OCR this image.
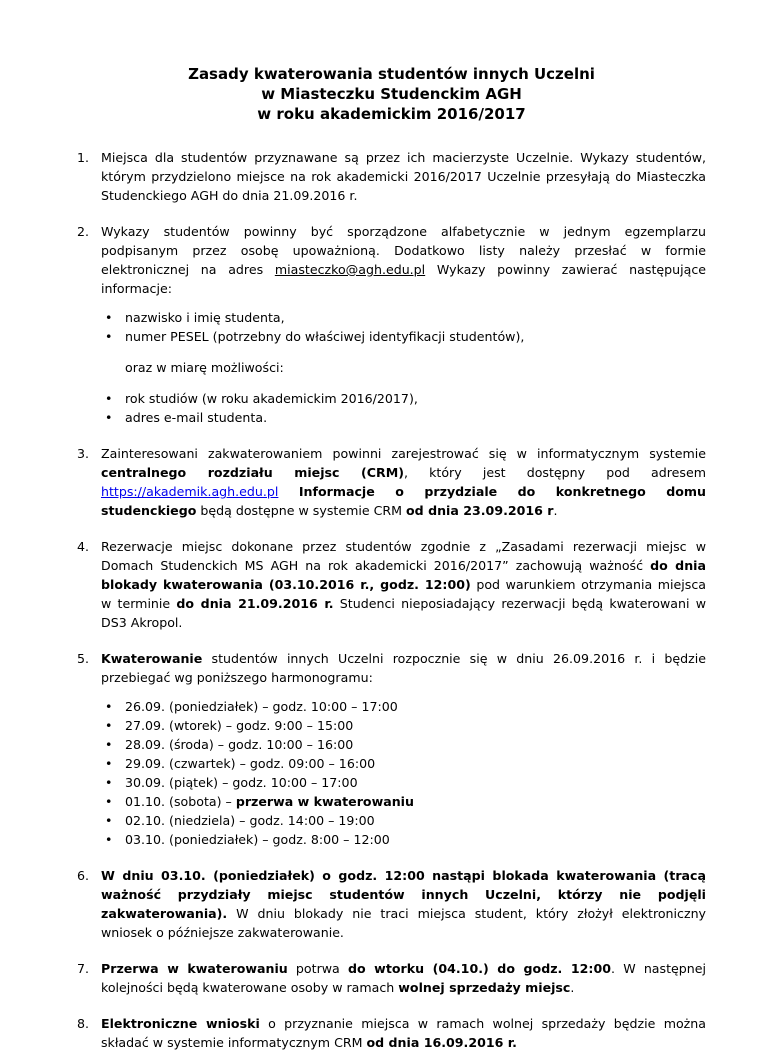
Zasady kwaterowania studentów innych Uczelni
w Miasteczku Studenckim AGH
w roku akademickim 2016/2017
1. Miejsca dla studentów przyznawane są przez ich macierzyste Uczelnie. Wykazy studentów, którym przydzielono miejsce na rok akademicki 2016/2017 Uczelnie przesyłają do Miasteczka Studenckiego AGH do dnia 21.09.2016 r.
2. Wykazy studentów powinny być sporządzone alfabetycznie w jednym egzemplarzu podpisanym przez osobę upoważnioną. Dodatkowo listy należy przesłać w formie elektronicznej na adres miasteczko@agh.edu.pl Wykazy powinny zawierać następujące informacje:
• nazwisko i imię studenta,
• numer PESEL (potrzebny do właściwej identyfikacji studentów),
oraz w miarę możliwości:
• rok studiów (w roku akademickim 2016/2017),
• adres e-mail studenta.
3. Zainteresowani zakwaterowaniem powinni zarejestrować się w informatycznym systemie centralnego rozdziału miejsc (CRM), który jest dostępny pod adresem https://akademik.agh.edu.pl Informacje o przydziale do konkretnego domu studenckiego będą dostępne w systemie CRM od dnia 23.09.2016 r.
4. Rezerwacje miejsc dokonane przez studentów zgodnie z „Zasadami rezerwacji miejsc w Domach Studenckich MS AGH na rok akademicki 2016/2017” zachowują ważność do dnia blokady kwaterowania (03.10.2016 r., godz. 12:00) pod warunkiem otrzymania miejsca w terminie do dnia 21.09.2016 r. Studenci nieposiadający rezerwacji będą kwaterowani w DS3 Akropol.
5. Kwaterowanie studentów innych Uczelni rozpocznie się w dniu 26.09.2016 r. i będzie przebiegać wg poniższego harmonogramu:
• 26.09. (poniedziałek) – godz. 10:00 – 17:00
• 27.09. (wtorek) – godz. 9:00 – 15:00
• 28.09. (środa) – godz. 10:00 – 16:00
• 29.09. (czwartek) – godz. 09:00 – 16:00
• 30.09. (piątek) – godz. 10:00 – 17:00
• 01.10. (sobota) – przerwa w kwaterowaniu
• 02.10. (niedziela) – godz. 14:00 – 19:00
• 03.10. (poniedziałek) – godz. 8:00 – 12:00
6. W dniu 03.10. (poniedziałek) o godz. 12:00 nastąpi blokada kwaterowania (tracą ważność przydziały miejsc studentów innych Uczelni, którzy nie podjęli zakwaterowania). W dniu blokady nie traci miejsca student, który złożył elektroniczny wniosek o późniejsze zakwaterowanie.
7. Przerwa w kwaterowaniu potrwa do wtorku (04.10.) do godz. 12:00. W następnej kolejności będą kwaterowane osoby w ramach wolnej sprzedaży miejsc.
8. Elektroniczne wnioski o przyznanie miejsca w ramach wolnej sprzedaży będzie można składać w systemie informatycznym CRM od dnia 16.09.2016 r.
